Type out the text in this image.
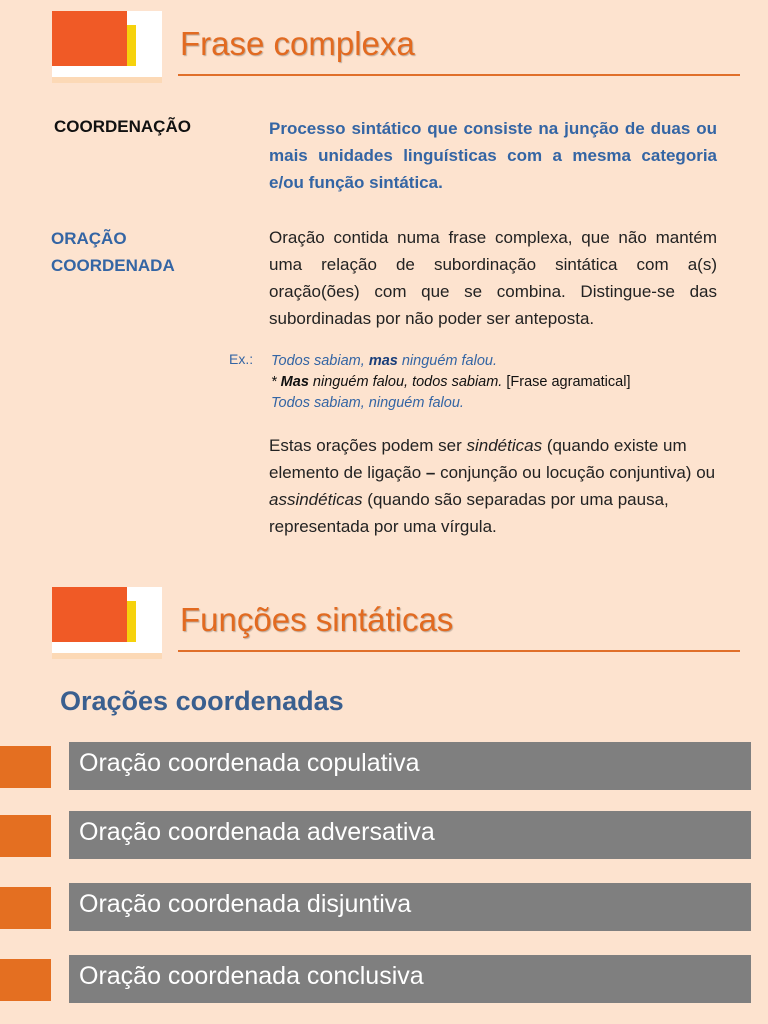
Frase complexa
COORDENAÇÃO	Processo sintático que consiste na junção de duas ou mais unidades linguísticas com a mesma categoria e/ou função sintática.
ORAÇÃO COORDENADA
Oração contida numa frase complexa, que não mantém uma relação de subordinação sintática com a(s) oração(ões) com que se combina. Distingue-se das subordinadas por não poder ser anteposta.
Ex.: Todos sabiam, mas ninguém falou.
* Mas ninguém falou, todos sabiam. [Frase agramatical]
Todos sabiam, ninguém falou.
Estas orações podem ser sindéticas (quando existe um elemento de ligação – conjunção ou locução conjuntiva) ou assindéticas (quando são separadas por uma pausa, representada por uma vírgula.
Funções sintáticas
Orações coordenadas
Oração coordenada copulativa
Oração coordenada adversativa
Oração coordenada disjuntiva
Oração coordenada conclusiva
